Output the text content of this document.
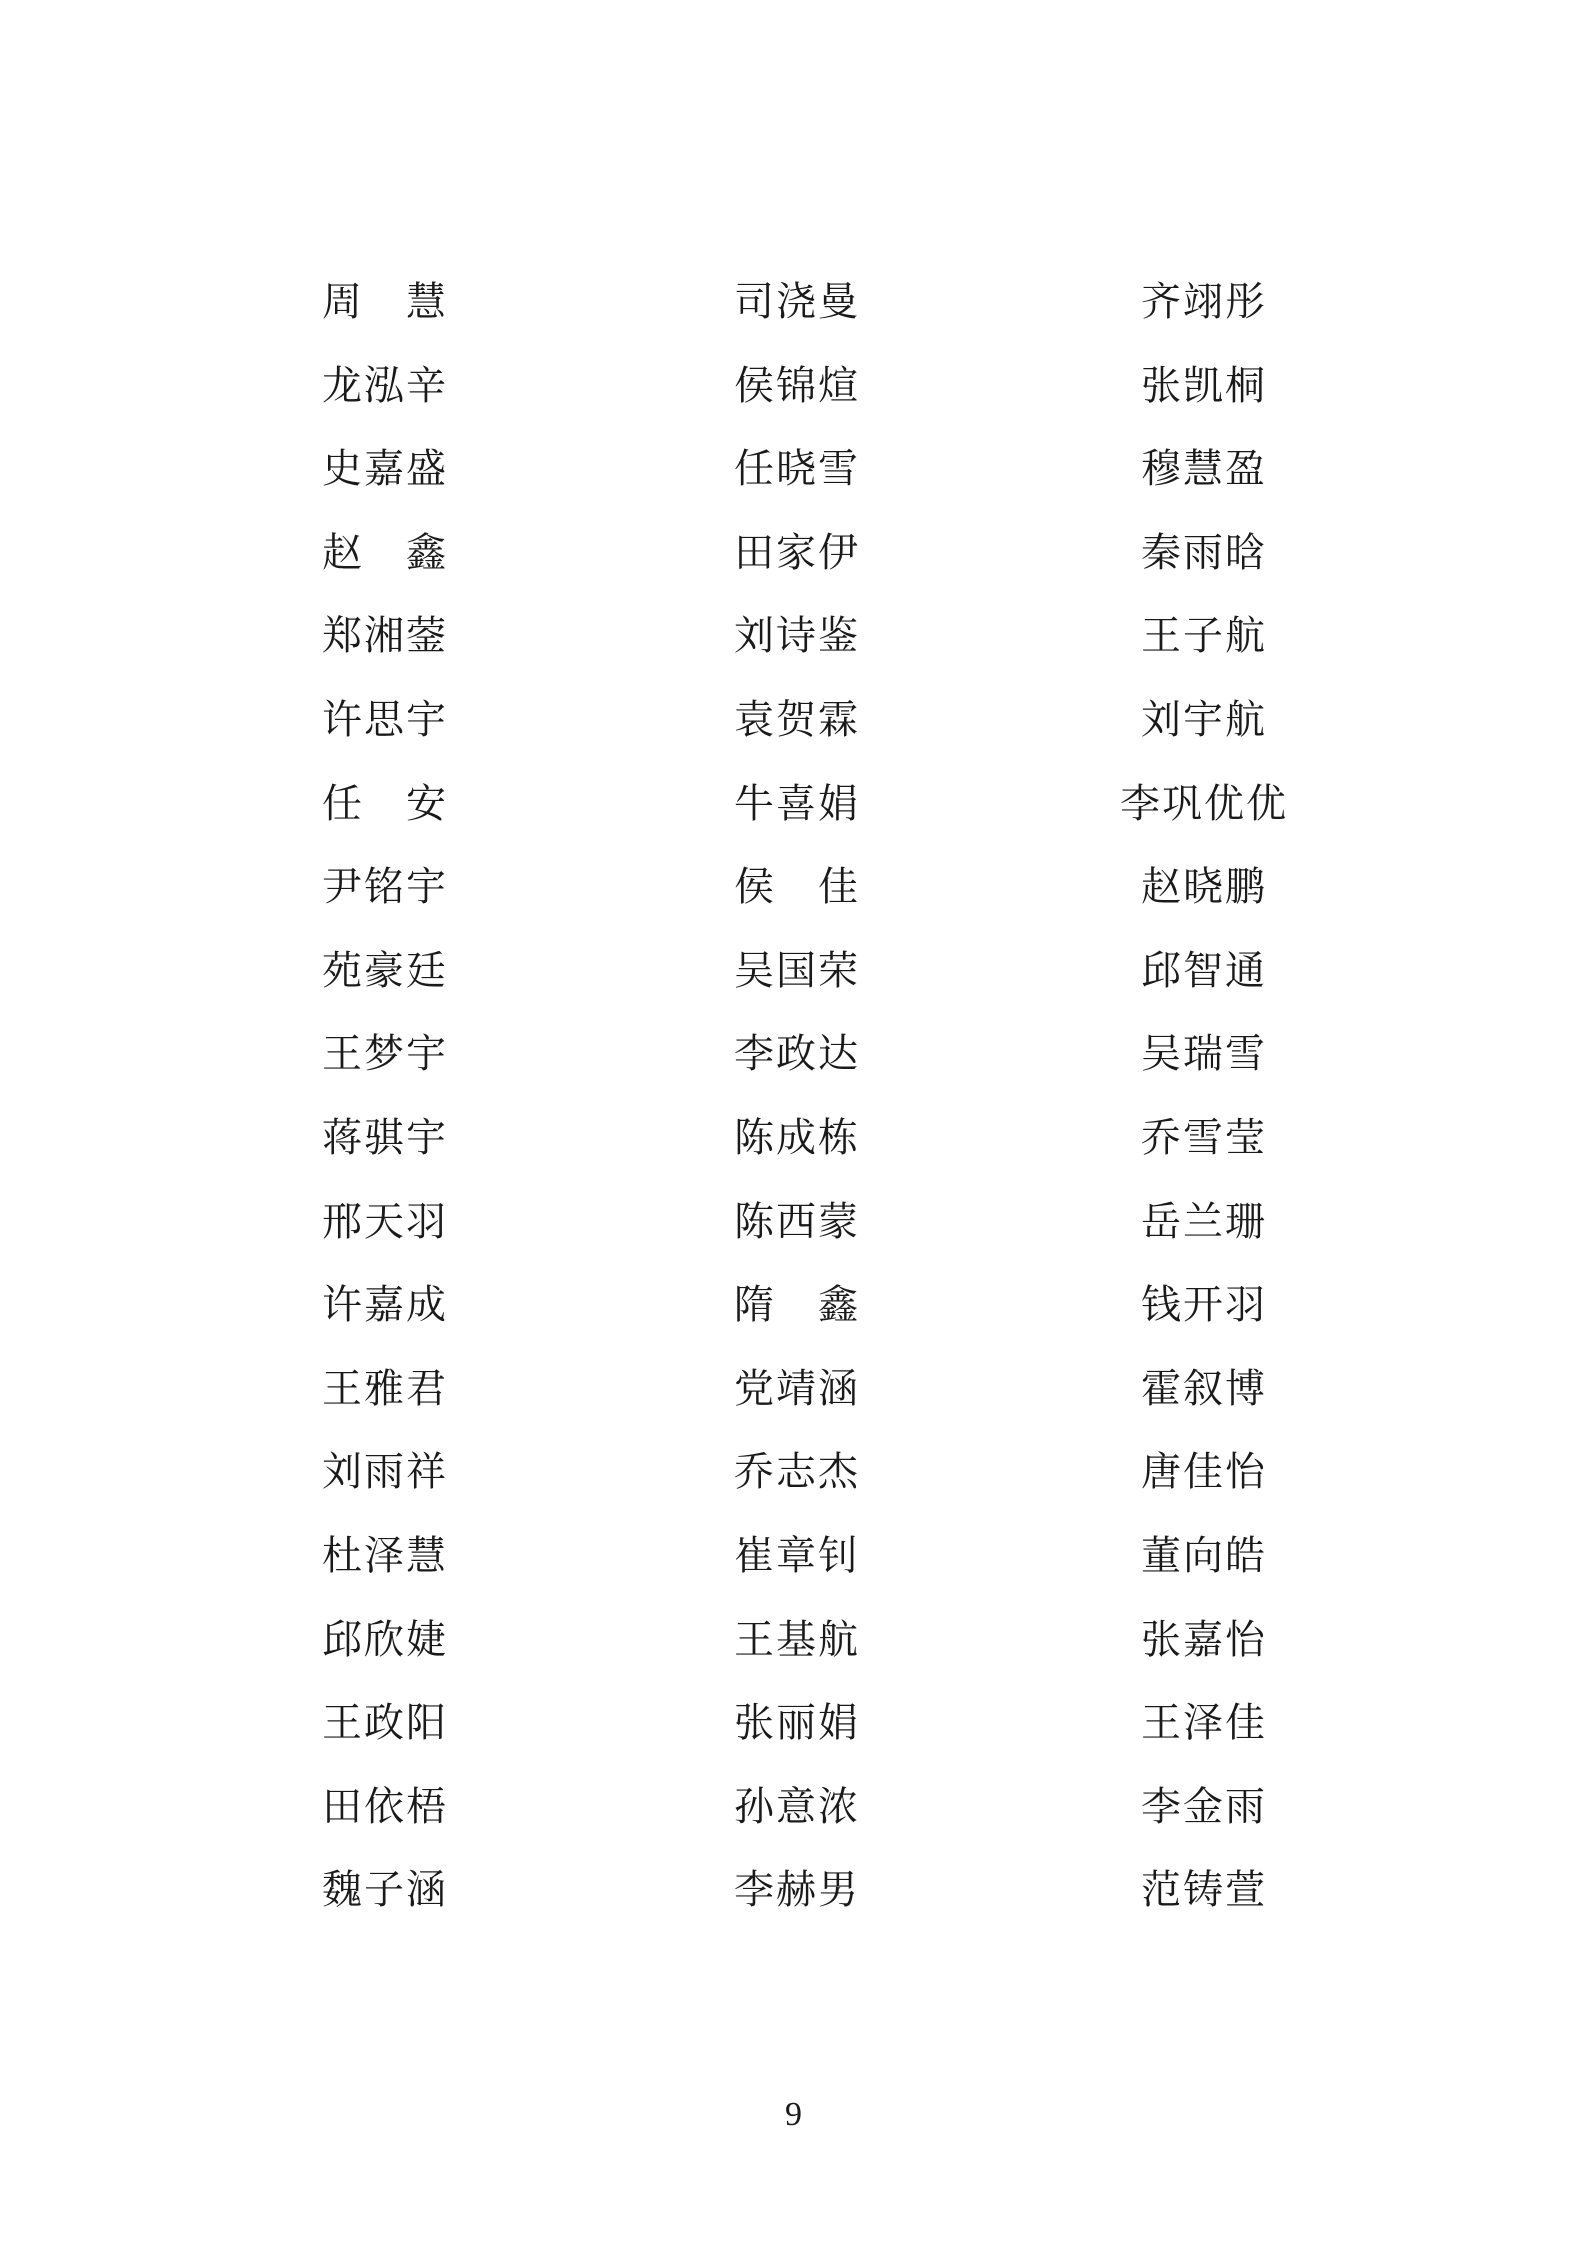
周　慧	司浇曼	齐翊彤
龙泓辛	侯锦煊	张凯桐
史嘉盛	任晓雪	穆慧盈
赵　鑫	田家伊	秦雨晗
郑湘蓥	刘诗鉴	王子航
许思宇	袁贺霖	刘宇航
任　安	牛喜娟	李巩优优
尹铭宇	侯　佳	赵晓鹏
苑豪廷	吴国荣	邱智通
王梦宇	李政达	吴瑞雪
蒋骐宇	陈成栋	乔雪莹
邢天羽	陈西蒙	岳兰珊
许嘉成	隋　鑫	钱开羽
王雅君	党靖涵	霍叙博
刘雨祥	乔志杰	唐佳怡
杜泽慧	崔章钊	董向皓
邱欣婕	王基航	张嘉怡
王政阳	张丽娟	王泽佳
田依梧	孙意浓	李金雨
魏子涵	李赫男	范铸萱
9
